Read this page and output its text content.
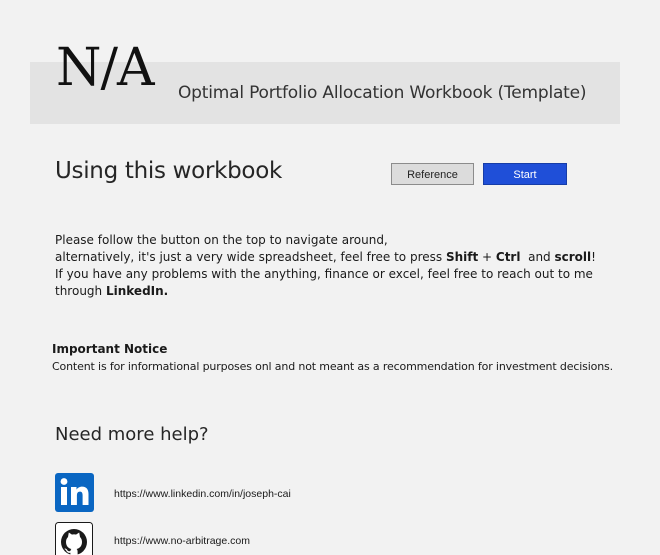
N/A Optimal Portfolio Allocation Workbook (Template)
Using this workbook	Reference	Start
Please follow the button on the top to navigate around,
alternatively, it's just a very wide spreadsheet, feel free to press Shift + Ctrl  and scroll!
If you have any problems with the anything, finance or excel, feel free to reach out to me
through LinkedIn.
Important Notice
Content is for informational purposes onl and not meant as a recommendation for investment decisions.
Need more help?
https://www.linkedin.com/in/joseph-cai
https://www.no-arbitrage.com
